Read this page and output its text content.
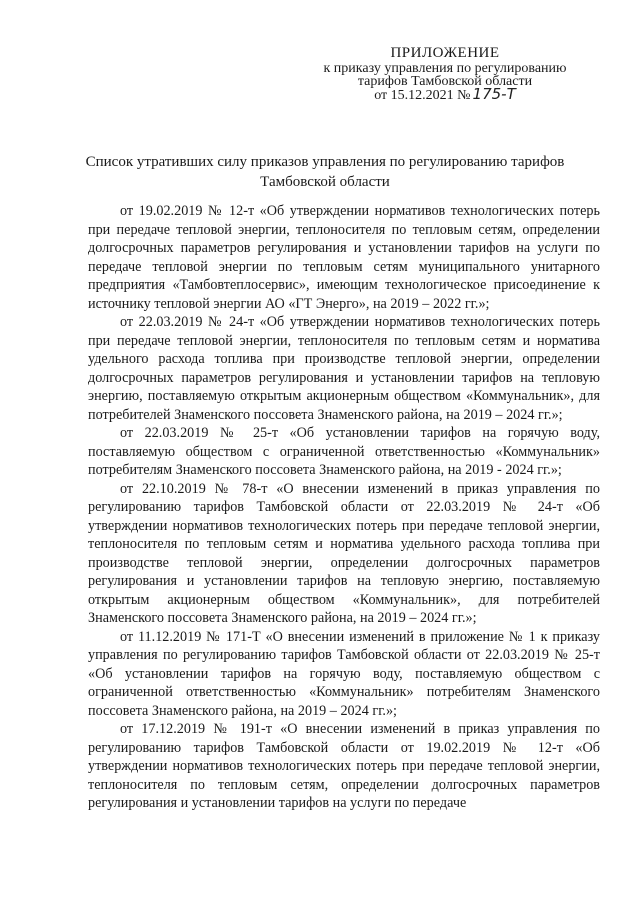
ПРИЛОЖЕНИЕ
к приказу управления по регулированию
тарифов Тамбовской области
от 15.12.2021 № 175-Т
Список утративших силу приказов управления по регулированию тарифов Тамбовской области

от 19.02.2019 № 12-т «Об утверждении нормативов технологических потерь при передаче тепловой энергии, теплоносителя по тепловым сетям, определении долгосрочных параметров регулирования и установлении тарифов на услуги по передаче тепловой энергии по тепловым сетям муниципального унитарного предприятия «Тамбовтеплосервис», имеющим технологическое присоединение к источнику тепловой энергии АО «ГТ Энерго», на 2019 – 2022 гг.»;

от 22.03.2019 № 24-т «Об утверждении нормативов технологических потерь при передаче тепловой энергии, теплоносителя по тепловым сетям и норматива удельного расхода топлива при производстве тепловой энергии, определении долгосрочных параметров регулирования и установлении тарифов на тепловую энергию, поставляемую открытым акционерным обществом «Коммунальник», для потребителей Знаменского поссовета Знаменского района, на 2019 – 2024 гг.»;

от 22.03.2019 № 25-т «Об установлении тарифов на горячую воду, поставляемую обществом с ограниченной ответственностью «Коммунальник» потребителям Знаменского поссовета Знаменского района, на 2019 - 2024 гг.»;

от 22.10.2019 № 78-т «О внесении изменений в приказ управления по регулированию тарифов Тамбовской области от 22.03.2019 № 24-т «Об утверждении нормативов технологических потерь при передаче тепловой энергии, теплоносителя по тепловым сетям и норматива удельного расхода топлива при производстве тепловой энергии, определении долгосрочных параметров регулирования и установлении тарифов на тепловую энергию, поставляемую открытым акционерным обществом «Коммунальник», для потребителей Знаменского поссовета Знаменского района, на 2019 – 2024 гг.»;

от 11.12.2019 № 171-Т «О внесении изменений в приложение № 1 к приказу управления по регулированию тарифов Тамбовской области от 22.03.2019 № 25-т «Об установлении тарифов на горячую воду, поставляемую обществом с ограниченной ответственностью «Коммунальник» потребителям Знаменского поссовета Знаменского района, на 2019 – 2024 гг.»;

от 17.12.2019 № 191-т «О внесении изменений в приказ управления по регулированию тарифов Тамбовской области от 19.02.2019 № 12-т «Об утверждении нормативов технологических потерь при передаче тепловой энергии, теплоносителя по тепловым сетям, определении долгосрочных параметров регулирования и установлении тарифов на услуги по передаче
